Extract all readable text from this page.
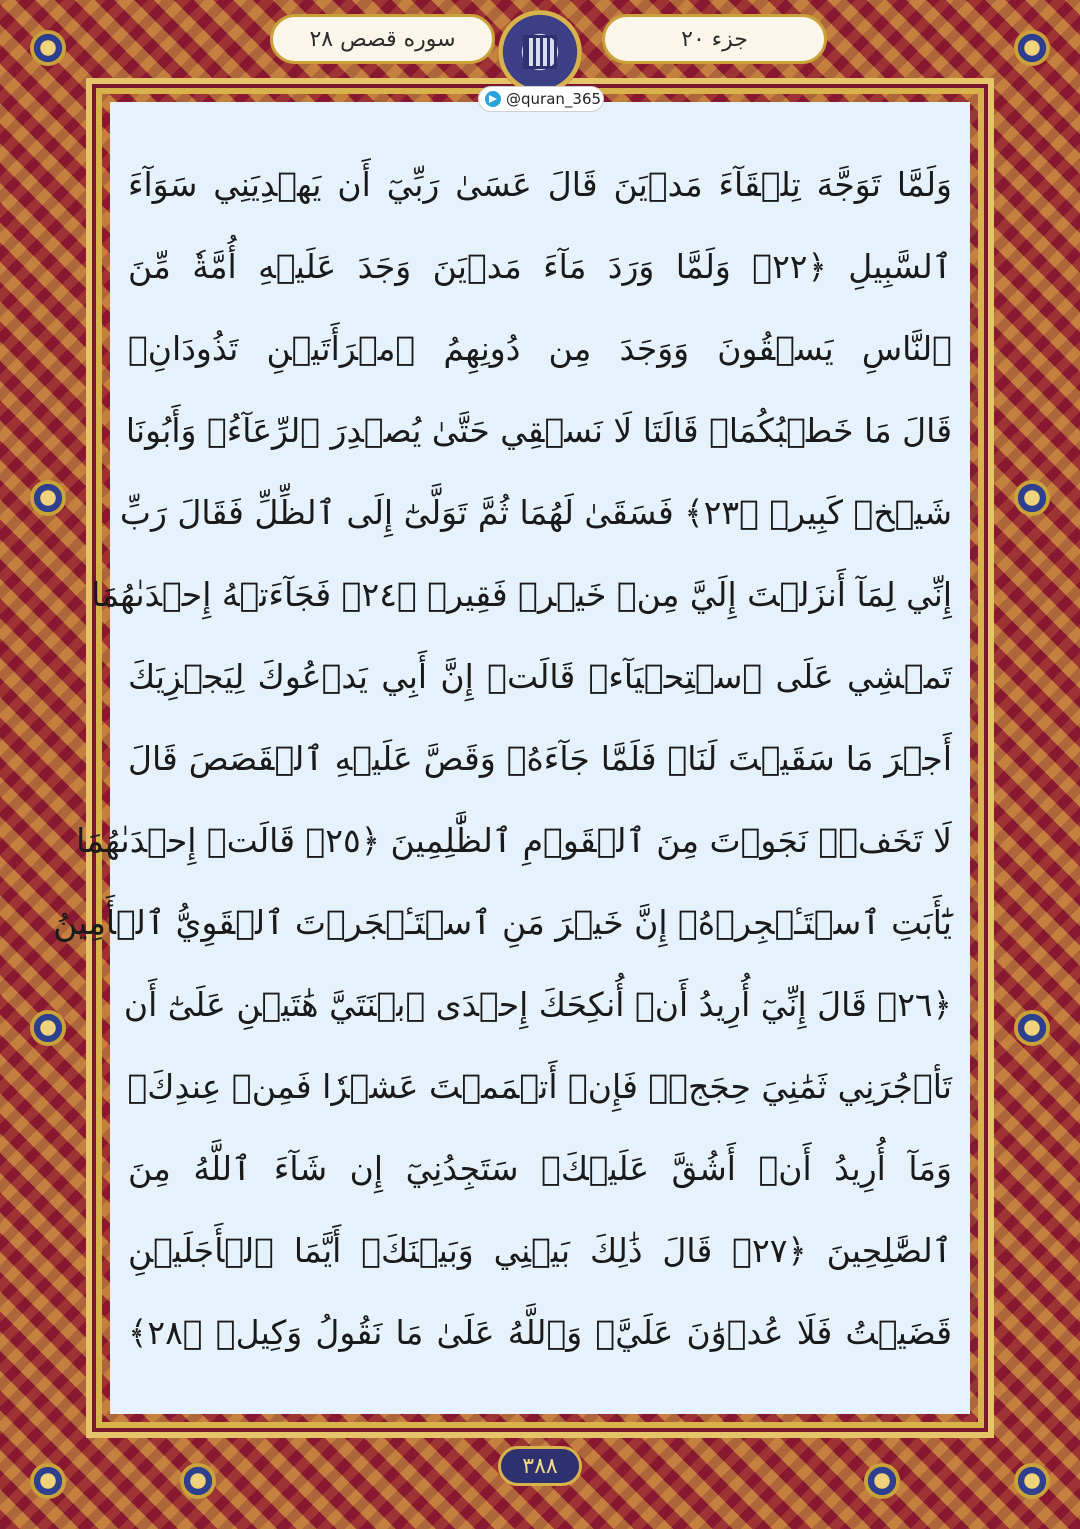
سوره قصص ۲۸	جزء ۲۰
@quran_365
وَلَمَّا تَوَجَّهَ تِلۡقَآءَ مَدۡيَنَ قَالَ عَسَىٰ رَبِّيٓ أَن يَهۡدِيَنِي سَوَآءَ
ٱلسَّبِيلِ ﴿٢٢﴾ وَلَمَّا وَرَدَ مَآءَ مَدۡيَنَ وَجَدَ عَلَيۡهِ أُمَّةٗ مِّنَ
ٱلنَّاسِ يَسۡقُونَ وَوَجَدَ مِن دُونِهِمُ ٱمۡرَأَتَيۡنِ تَذُودَانِۖ
قَالَ مَا خَطۡبُكُمَاۖ قَالَتَا لَا نَسۡقِي حَتَّىٰ يُصۡدِرَ ٱلرِّعَآءُۖ وَأَبُونَا
شَيۡخٞ كَبِيرٞ ﴿٢٣﴾ فَسَقَىٰ لَهُمَا ثُمَّ تَوَلَّىٰٓ إِلَى ٱلظِّلِّ فَقَالَ رَبِّ
إِنِّي لِمَآ أَنزَلۡتَ إِلَيَّ مِنۡ خَيۡرٖ فَقِيرٞ ﴿٢٤﴾ فَجَآءَتۡهُ إِحۡدَىٰهُمَا
تَمۡشِي عَلَى ٱسۡتِحۡيَآءٖ قَالَتۡ إِنَّ أَبِي يَدۡعُوكَ لِيَجۡزِيَكَ
أَجۡرَ مَا سَقَيۡتَ لَنَاۚ فَلَمَّا جَآءَهُۥ وَقَصَّ عَلَيۡهِ ٱلۡقَصَصَ قَالَ
لَا تَخَفۡۖ نَجَوۡتَ مِنَ ٱلۡقَوۡمِ ٱلظَّٰلِمِينَ ﴿٢٥﴾ قَالَتۡ إِحۡدَىٰهُمَا
يَٰٓأَبَتِ ٱسۡتَـٔۡجِرۡهُۖ إِنَّ خَيۡرَ مَنِ ٱسۡتَـٔۡجَرۡتَ ٱلۡقَوِيُّ ٱلۡأَمِينُ
﴿٢٦﴾ قَالَ إِنِّيٓ أُرِيدُ أَنۡ أُنكِحَكَ إِحۡدَى ٱبۡنَتَيَّ هَٰتَيۡنِ عَلَىٰٓ أَن
تَأۡجُرَنِي ثَمَٰنِيَ حِجَجٖۖ فَإِنۡ أَتۡمَمۡتَ عَشۡرٗا فَمِنۡ عِندِكَۖ
وَمَآ أُرِيدُ أَنۡ أَشُقَّ عَلَيۡكَۚ سَتَجِدُنِيٓ إِن شَآءَ ٱللَّهُ مِنَ
ٱلصَّٰلِحِينَ ﴿٢٧﴾ قَالَ ذَٰلِكَ بَيۡنِي وَبَيۡنَكَۖ أَيَّمَا ٱلۡأَجَلَيۡنِ
قَضَيۡتُ فَلَا عُدۡوَٰنَ عَلَيَّۖ وَٱللَّهُ عَلَىٰ مَا نَقُولُ وَكِيلٞ ﴿٢٨﴾
۳۸۸
